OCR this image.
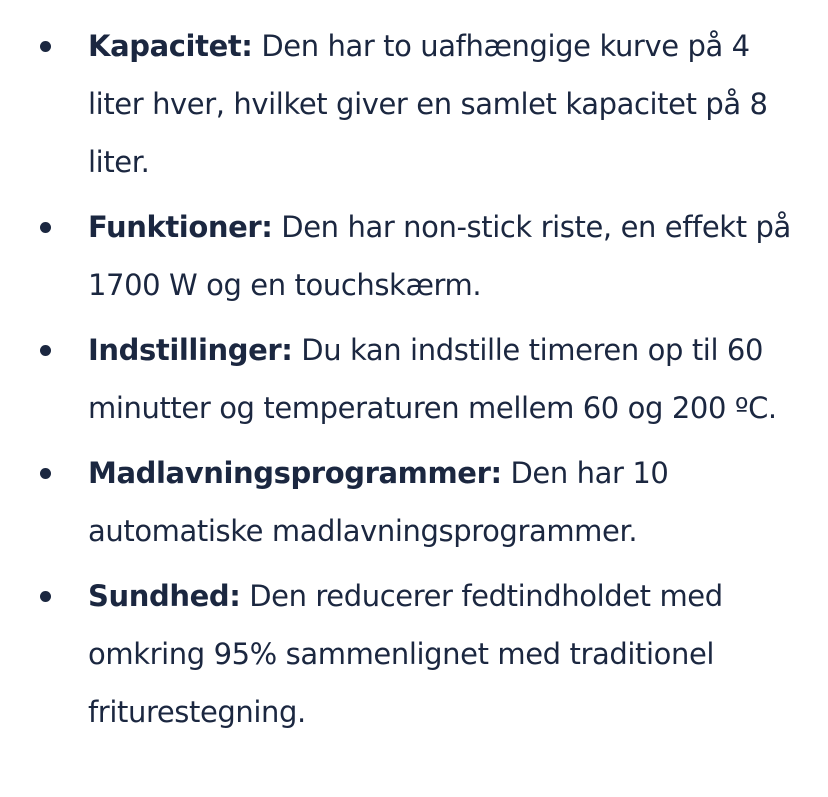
Kapacitet: Den har to uafhængige kurve på 4 liter hver, hvilket giver en samlet kapacitet på 8 liter.
Funktioner: Den har non-stick riste, en effekt på 1700 W og en touchskærm.
Indstillinger: Du kan indstille timeren op til 60 minutter og temperaturen mellem 60 og 200 ºC.
Madlavningsprogrammer: Den har 10 automatiske madlavningsprogrammer.
Sundhed: Den reducerer fedtindholdet med omkring 95% sammenlignet med traditionel friturestegning.
